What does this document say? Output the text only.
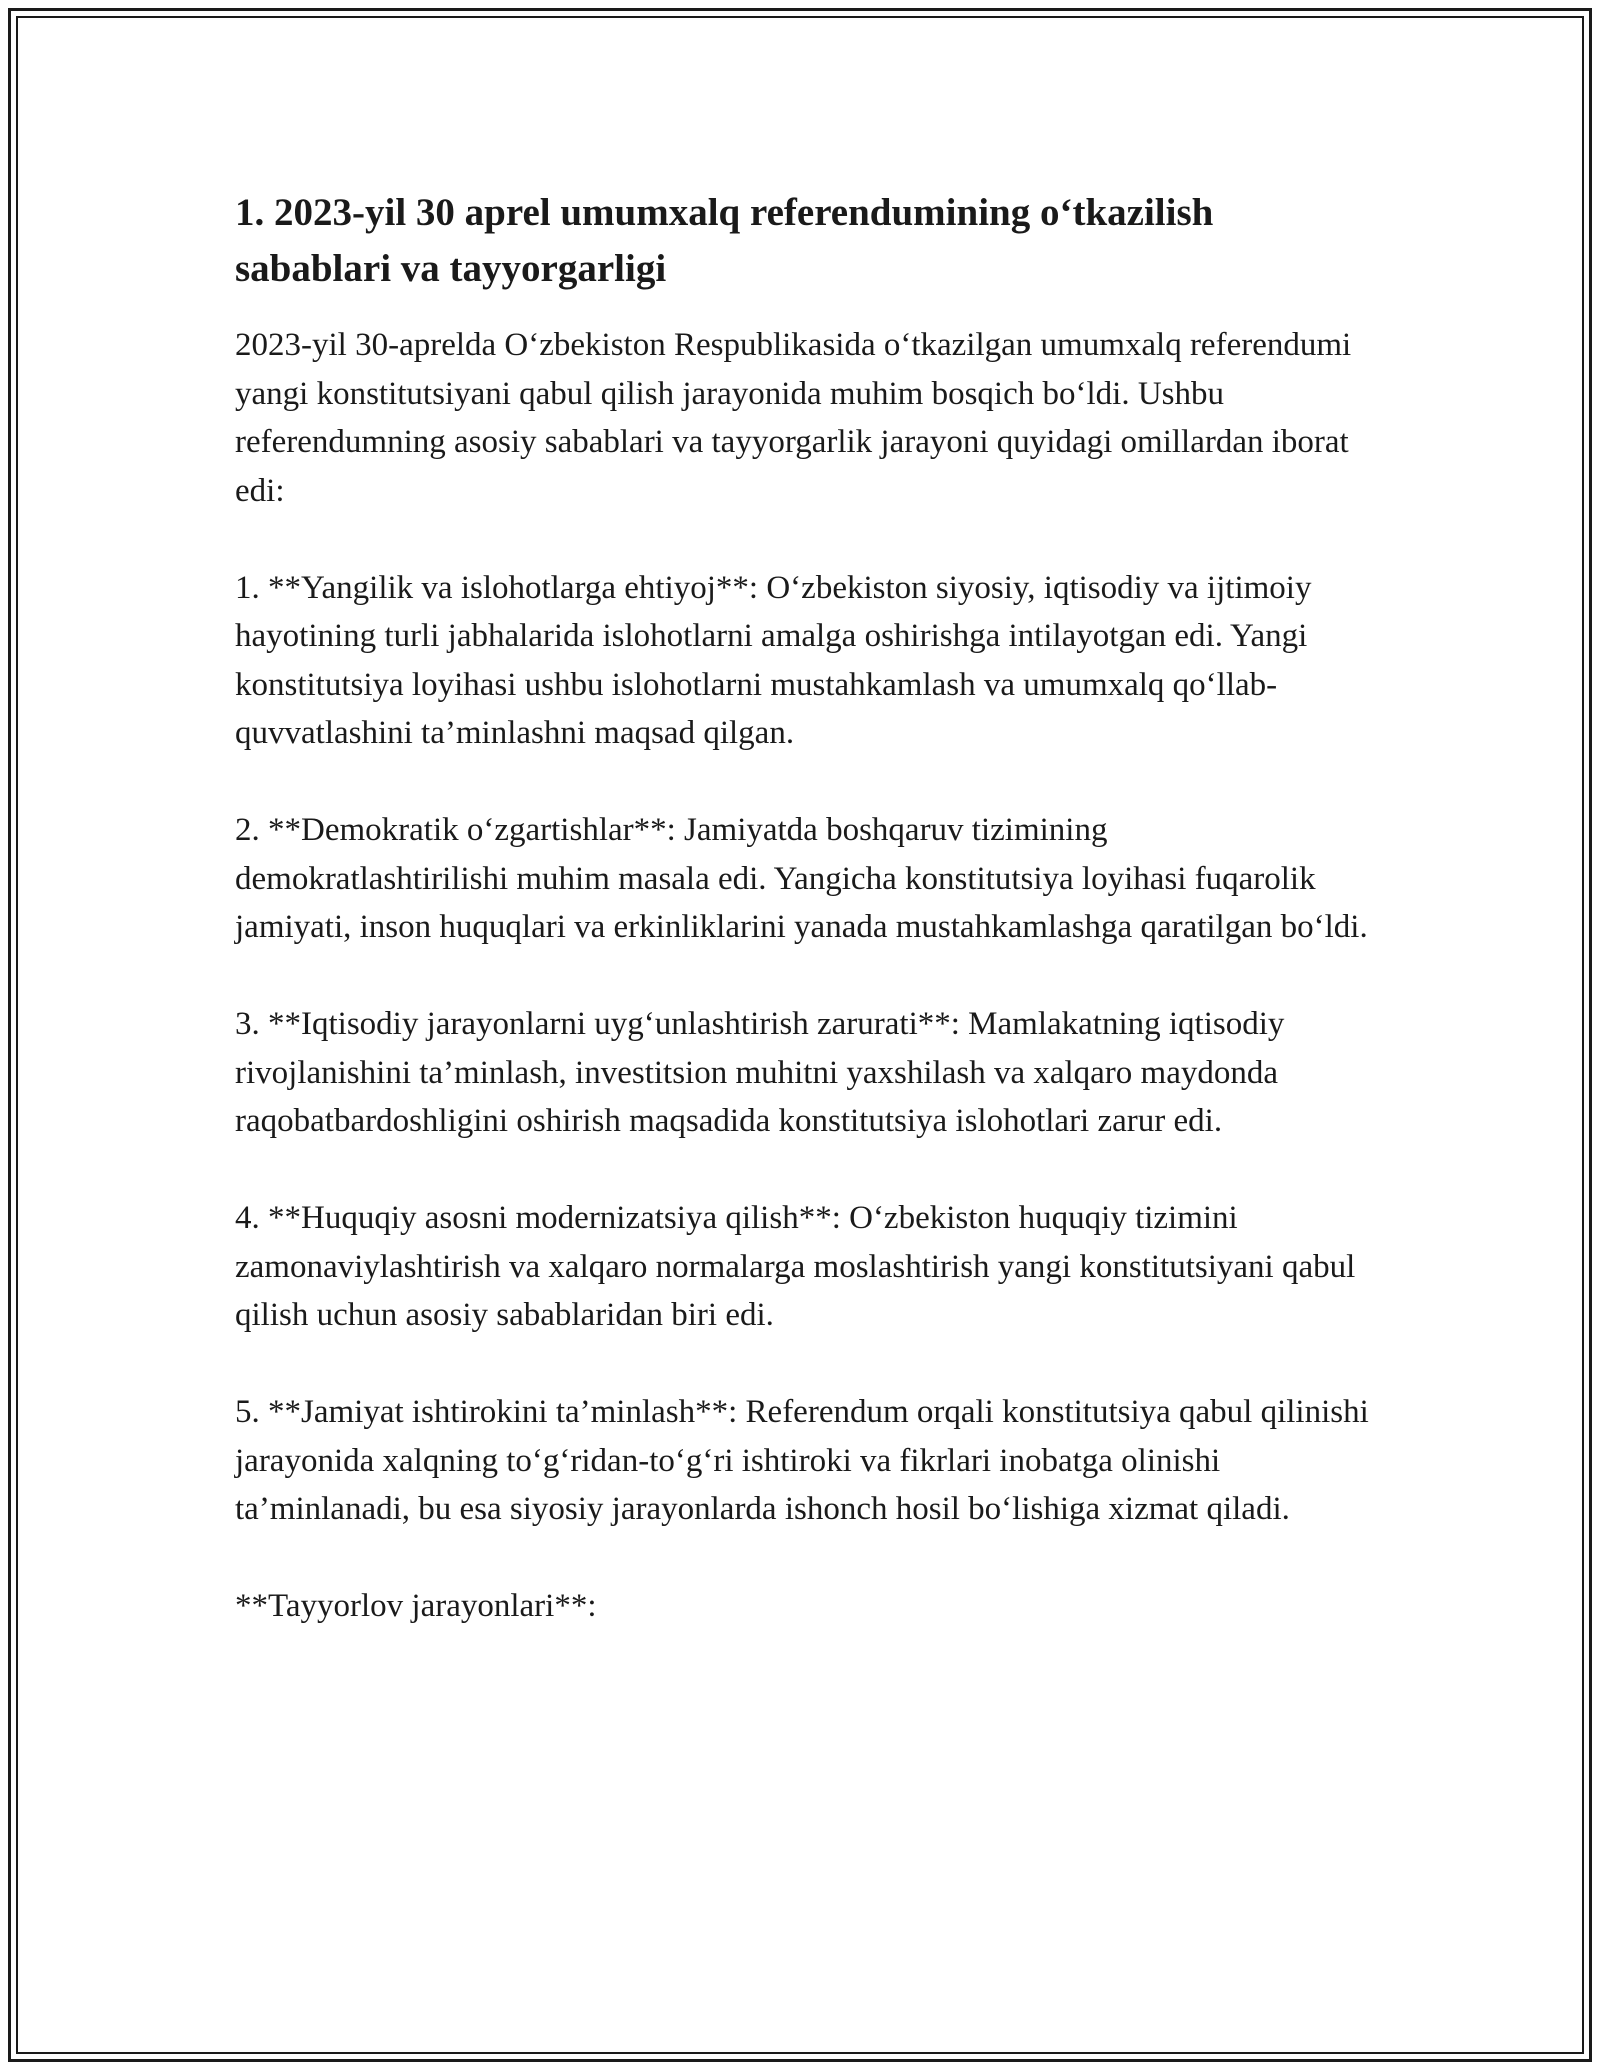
1. 2023-yil 30 aprel umumxalq referendumining o‘tkazilish sabablari va tayyorgarligi

2023-yil 30-aprelda O‘zbekiston Respublikasida o‘tkazilgan umumxalq referendumi yangi konstitutsiyani qabul qilish jarayonida muhim bosqich bo‘ldi. Ushbu referendumning asosiy sabablari va tayyorgarlik jarayoni quyidagi omillardan iborat edi:

1. **Yangilik va islohotlarga ehtiyoj**: O‘zbekiston siyosiy, iqtisodiy va ijtimoiy hayotining turli jabhalarida islohotlarni amalga oshirishga intilayotgan edi. Yangi konstitutsiya loyihasi ushbu islohotlarni mustahkamlash va umumxalq qo‘llab-quvvatlashini ta’minlashni maqsad qilgan.

2. **Demokratik o‘zgartishlar**: Jamiyatda boshqaruv tizimining demokratlashtirilishi muhim masala edi. Yangicha konstitutsiya loyihasi fuqarolik jamiyati, inson huquqlari va erkinliklarini yanada mustahkamlashga qaratilgan bo‘ldi.

3. **Iqtisodiy jarayonlarni uyg‘unlashtirish zarurati**: Mamlakatning iqtisodiy rivojlanishini ta’minlash, investitsion muhitni yaxshilash va xalqaro maydonda raqobatbardoshligini oshirish maqsadida konstitutsiya islohotlari zarur edi.

4. **Huquqiy asosni modernizatsiya qilish**: O‘zbekiston huquqiy tizimini zamonaviylashtirish va xalqaro normalarga moslashtirish yangi konstitutsiyani qabul qilish uchun asosiy sabablaridan biri edi.

5. **Jamiyat ishtirokini ta’minlash**: Referendum orqali konstitutsiya qabul qilinishi jarayonida xalqning to‘g‘ridan-to‘g‘ri ishtiroki va fikrlari inobatga olinishi ta’minlanadi, bu esa siyosiy jarayonlarda ishonch hosil bo‘lishiga xizmat qiladi.

**Tayyorlov jarayonlari**:
